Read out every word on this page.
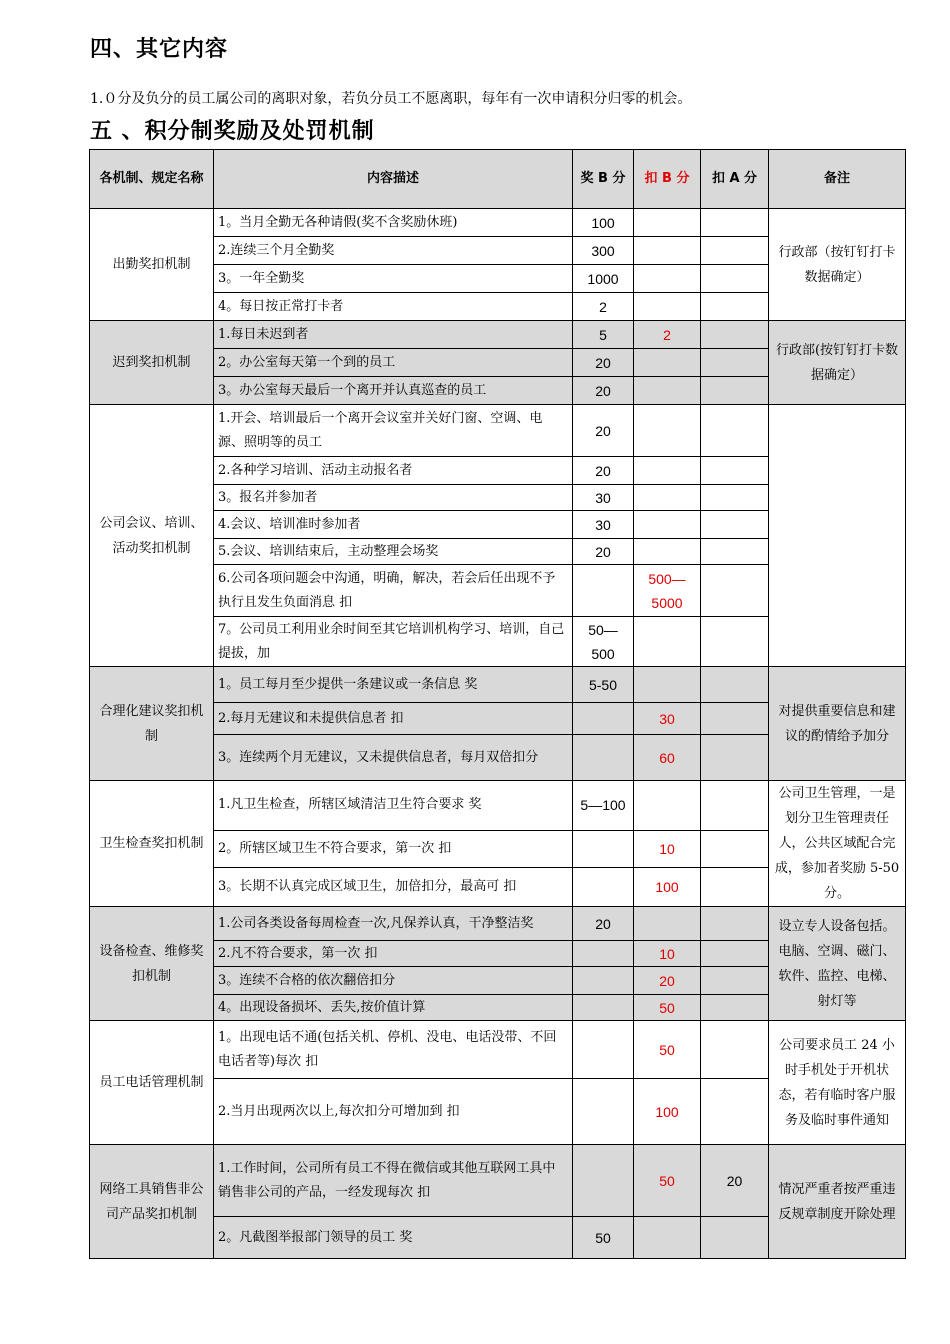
四、其它内容
1.０分及负分的员工属公司的离职对象，若负分员工不愿离职，每年有一次申请积分归零的机会。
五 、积分制奖励及处罚机制
各机制、规定名称	内容描述	奖 B 分	扣 B 分	扣 A 分	备注
出勤奖扣机制	1。当月全勤无各种请假(奖不含奖励休班)	100			行政部（按钉钉打卡数据确定）
	2.连续三个月全勤奖	300			
	3。一年全勤奖	1000			
	4。每日按正常打卡者	2			
迟到奖扣机制	1.每日未迟到者	5	2		行政部(按钉钉打卡数据确定）
	2。办公室每天第一个到的员工	20			
	3。办公室每天最后一个离开并认真巡查的员工	20			
公司会议、培训、活动奖扣机制	1.开会、培训最后一个离开会议室并关好门窗、空调、电源、照明等的员工	20			
	2.各种学习培训、活动主动报名者	20			
	3。报名并参加者	30			
	4.会议、培训准时参加者	30			
	5.会议、培训结束后，主动整理会场奖	20			
	6.公司各项问题会中沟通，明确，解决，若会后任出现不予执行且发生负面消息 扣		500—5000		
	7。公司员工利用业余时间至其它培训机构学习、培训，自己提拔，加	50—500			
合理化建议奖扣机制	1。员工每月至少提供一条建议或一条信息 奖	5-50			对提供重要信息和建议的酌情给予加分
	2.每月无建议和未提供信息者 扣		30		
	3。连续两个月无建议，又未提供信息者，每月双倍扣分		60		
卫生检查奖扣机制	1.凡卫生检查，所辖区域清洁卫生符合要求 奖	5—100			公司卫生管理，一是划分卫生管理责任人，公共区域配合完成，参加者奖励 5-50 分。
	2。所辖区域卫生不符合要求，第一次 扣		10		
	3。长期不认真完成区域卫生，加倍扣分，最高可 扣		100		
设备检查、维修奖扣机制	1.公司各类设备每周检查一次,凡保养认真，干净整洁奖	20			设立专人设备包括。电脑、空调、磁门、软件、监控、电梯、射灯等
	2.凡不符合要求，第一次 扣		10		
	3。连续不合格的依次翻倍扣分		20		
	4。出现设备损坏、丢失,按价值计算		50		
员工电话管理机制	1。出现电话不通(包括关机、停机、没电、电话没带、不回电话者等)每次 扣		50		公司要求员工 24 小时手机处于开机状态，若有临时客户服务及临时事件通知
	2.当月出现两次以上,每次扣分可增加到 扣		100		
网络工具销售非公司产品奖扣机制	1.工作时间，公司所有员工不得在微信或其他互联网工具中销售非公司的产品，一经发现每次 扣		50	20	情况严重者按严重违反规章制度开除处理
	2。凡截图举报部门领导的员工 奖	50			
